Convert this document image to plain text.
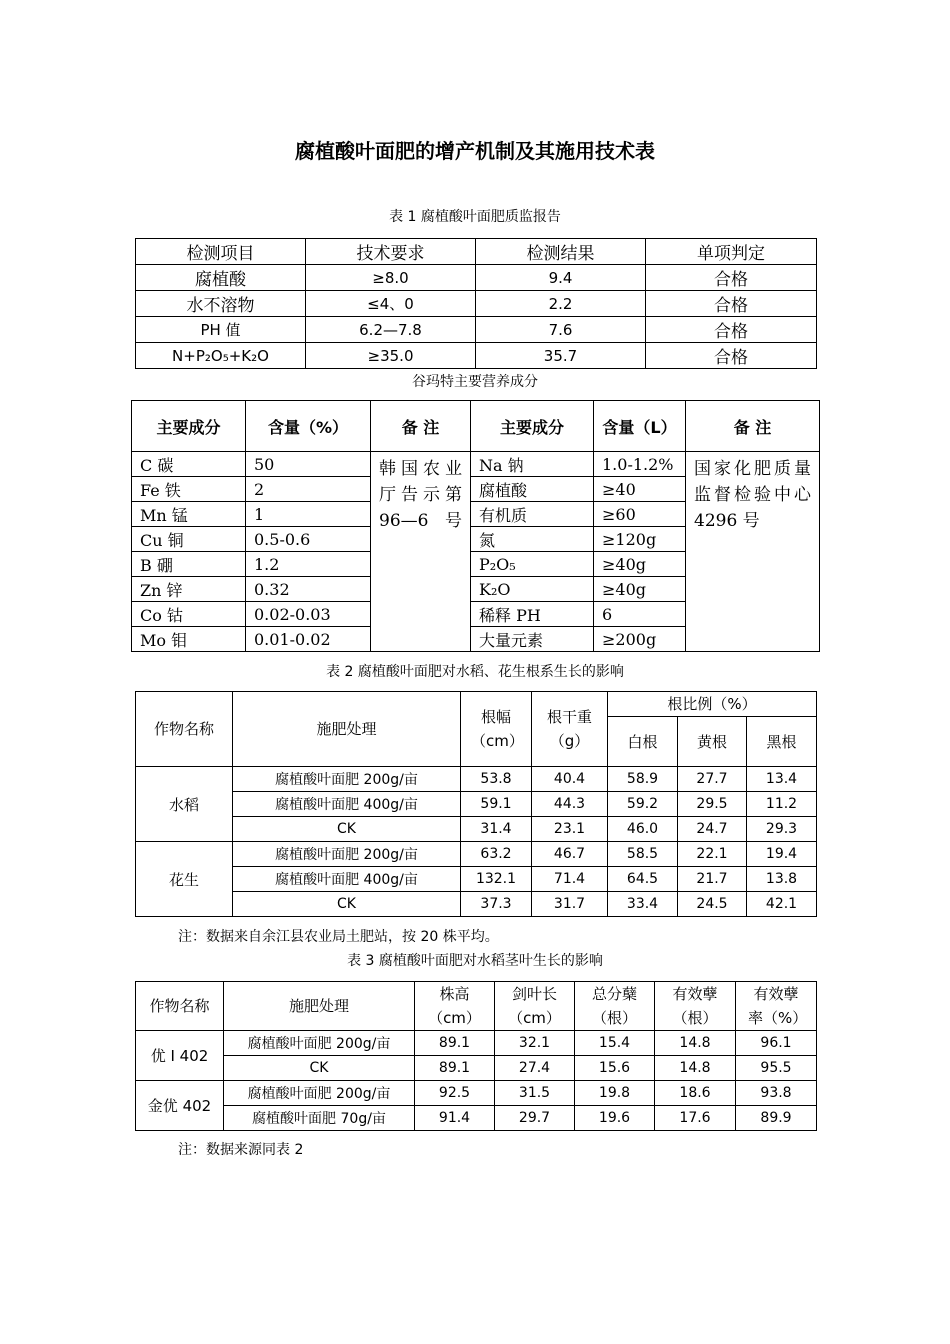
腐植酸叶面肥的增产机制及其施用技术表
表 1 腐植酸叶面肥质监报告
检测项目	技术要求	检测结果	单项判定
腐植酸	≥8.0	9.4	合格
水不溶物	≤4、0	2.2	合格
PH 值	6.2—7.8	7.6	合格
N+P₂O₅+K₂O	≥35.0	35.7	合格
谷玛特主要营养成分
主要成分	含量（%）	备 注	主要成分	含量（L）	备 注
C 碳	50	韩国农业厅告示第96—6号	Na 钠	1.0-1.2%	国家化肥质量监督检验中心 4296 号
Fe 铁	2		腐植酸	≥40	
Mn 锰	1		有机质	≥60	
Cu 铜	0.5-0.6		氮	≥120g	
B 硼	1.2		P₂O₅	≥40g	
Zn 锌	0.32		K₂O	≥40g	
Co 钴	0.02-0.03		稀释 PH	6	
Mo 钼	0.01-0.02		大量元素	≥200g	
表 2 腐植酸叶面肥对水稻、花生根系生长的影响
作物名称	施肥处理	根幅（cm）	根干重（g）	根比例（%）		
				白根	黄根	黑根
水稻	腐植酸叶面肥 200g/亩	53.8	40.4	58.9	27.7	13.4
	腐植酸叶面肥 400g/亩	59.1	44.3	59.2	29.5	11.2
	CK	31.4	23.1	46.0	24.7	29.3
花生	腐植酸叶面肥 200g/亩	63.2	46.7	58.5	22.1	19.4
	腐植酸叶面肥 400g/亩	132.1	71.4	64.5	21.7	13.8
	CK	37.3	31.7	33.4	24.5	42.1
注：数据来自余江县农业局土肥站，按 20 株平均。
表 3 腐植酸叶面肥对水稻茎叶生长的影响
作物名称	施肥处理	株高（cm）	剑叶长（cm）	总分蘖（根）	有效孽（根）	有效孽率（%）
优 I 402	腐植酸叶面肥 200g/亩	89.1	32.1	15.4	14.8	96.1
	CK	89.1	27.4	15.6	14.8	95.5
金优 402	腐植酸叶面肥 200g/亩	92.5	31.5	19.8	18.6	93.8
	腐植酸叶面肥 70g/亩	91.4	29.7	19.6	17.6	89.9
注：数据来源同表 2
